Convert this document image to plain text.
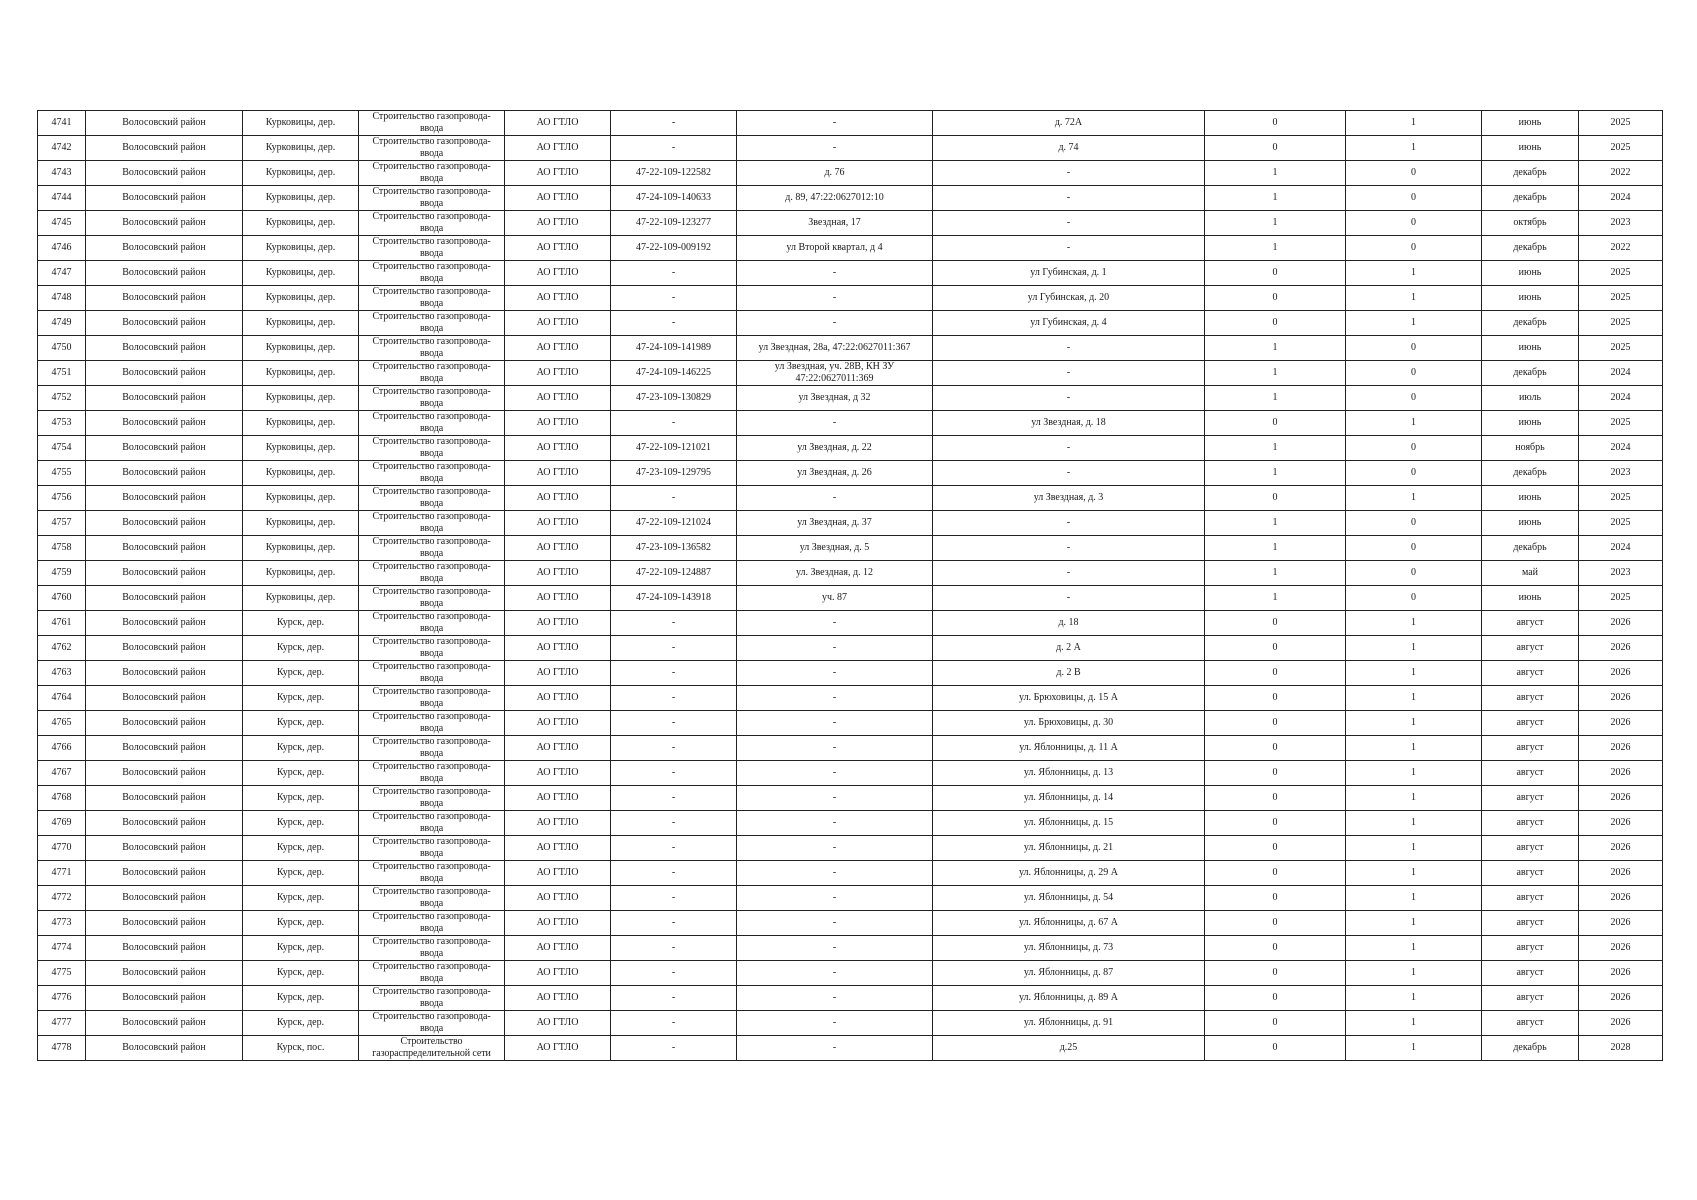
4741	Волосовский район	Курковицы, дер.	Строительство газопровода-ввода	АО ГТЛО	-	-	д. 72А	0	1	июнь	2025
4742	Волосовский район	Курковицы, дер.	Строительство газопровода-ввода	АО ГТЛО	-	-	д. 74	0	1	июнь	2025
4743	Волосовский район	Курковицы, дер.	Строительство газопровода-ввода	АО ГТЛО	47-22-109-122582	д. 76	-	1	0	декабрь	2022
4744	Волосовский район	Курковицы, дер.	Строительство газопровода-ввода	АО ГТЛО	47-24-109-140633	д. 89, 47:22:0627012:10	-	1	0	декабрь	2024
4745	Волосовский район	Курковицы, дер.	Строительство газопровода-ввода	АО ГТЛО	47-22-109-123277	Звездная, 17	-	1	0	октябрь	2023
4746	Волосовский район	Курковицы, дер.	Строительство газопровода-ввода	АО ГТЛО	47-22-109-009192	ул Второй квартал, д 4	-	1	0	декабрь	2022
4747	Волосовский район	Курковицы, дер.	Строительство газопровода-ввода	АО ГТЛО	-	-	ул Губинская, д. 1	0	1	июнь	2025
4748	Волосовский район	Курковицы, дер.	Строительство газопровода-ввода	АО ГТЛО	-	-	ул Губинская, д. 20	0	1	июнь	2025
4749	Волосовский район	Курковицы, дер.	Строительство газопровода-ввода	АО ГТЛО	-	-	ул Губинская, д. 4	0	1	декабрь	2025
4750	Волосовский район	Курковицы, дер.	Строительство газопровода-ввода	АО ГТЛО	47-24-109-141989	ул Звездная, 28а, 47:22:0627011:367	-	1	0	июнь	2025
4751	Волосовский район	Курковицы, дер.	Строительство газопровода-ввода	АО ГТЛО	47-24-109-146225	ул Звездная, уч. 28В, КН ЗУ 47:22:0627011:369	-	1	0	декабрь	2024
4752	Волосовский район	Курковицы, дер.	Строительство газопровода-ввода	АО ГТЛО	47-23-109-130829	ул Звездная, д 32	-	1	0	июль	2024
4753	Волосовский район	Курковицы, дер.	Строительство газопровода-ввода	АО ГТЛО	-	-	ул Звездная, д. 18	0	1	июнь	2025
4754	Волосовский район	Курковицы, дер.	Строительство газопровода-ввода	АО ГТЛО	47-22-109-121021	ул Звездная, д. 22	-	1	0	ноябрь	2024
4755	Волосовский район	Курковицы, дер.	Строительство газопровода-ввода	АО ГТЛО	47-23-109-129795	ул Звездная, д. 26	-	1	0	декабрь	2023
4756	Волосовский район	Курковицы, дер.	Строительство газопровода-ввода	АО ГТЛО	-	-	ул Звездная, д. 3	0	1	июнь	2025
4757	Волосовский район	Курковицы, дер.	Строительство газопровода-ввода	АО ГТЛО	47-22-109-121024	ул Звездная, д. 37	-	1	0	июнь	2025
4758	Волосовский район	Курковицы, дер.	Строительство газопровода-ввода	АО ГТЛО	47-23-109-136582	ул Звездная, д. 5	-	1	0	декабрь	2024
4759	Волосовский район	Курковицы, дер.	Строительство газопровода-ввода	АО ГТЛО	47-22-109-124887	ул. Звездная, д. 12	-	1	0	май	2023
4760	Волосовский район	Курковицы, дер.	Строительство газопровода-ввода	АО ГТЛО	47-24-109-143918	уч. 87	-	1	0	июнь	2025
4761	Волосовский район	Курск, дер.	Строительство газопровода-ввода	АО ГТЛО	-	-	д. 18	0	1	август	2026
4762	Волосовский район	Курск, дер.	Строительство газопровода-ввода	АО ГТЛО	-	-	д. 2 А	0	1	август	2026
4763	Волосовский район	Курск, дер.	Строительство газопровода-ввода	АО ГТЛО	-	-	д. 2 В	0	1	август	2026
4764	Волосовский район	Курск, дер.	Строительство газопровода-ввода	АО ГТЛО	-	-	ул. Брюховицы, д. 15 А	0	1	август	2026
4765	Волосовский район	Курск, дер.	Строительство газопровода-ввода	АО ГТЛО	-	-	ул. Брюховицы, д. 30	0	1	август	2026
4766	Волосовский район	Курск, дер.	Строительство газопровода-ввода	АО ГТЛО	-	-	ул. Яблонницы, д. 11 А	0	1	август	2026
4767	Волосовский район	Курск, дер.	Строительство газопровода-ввода	АО ГТЛО	-	-	ул. Яблонницы, д. 13	0	1	август	2026
4768	Волосовский район	Курск, дер.	Строительство газопровода-ввода	АО ГТЛО	-	-	ул. Яблонницы, д. 14	0	1	август	2026
4769	Волосовский район	Курск, дер.	Строительство газопровода-ввода	АО ГТЛО	-	-	ул. Яблонницы, д. 15	0	1	август	2026
4770	Волосовский район	Курск, дер.	Строительство газопровода-ввода	АО ГТЛО	-	-	ул. Яблонницы, д. 21	0	1	август	2026
4771	Волосовский район	Курск, дер.	Строительство газопровода-ввода	АО ГТЛО	-	-	ул. Яблонницы, д. 29 А	0	1	август	2026
4772	Волосовский район	Курск, дер.	Строительство газопровода-ввода	АО ГТЛО	-	-	ул. Яблонницы, д. 54	0	1	август	2026
4773	Волосовский район	Курск, дер.	Строительство газопровода-ввода	АО ГТЛО	-	-	ул. Яблонницы, д. 67 А	0	1	август	2026
4774	Волосовский район	Курск, дер.	Строительство газопровода-ввода	АО ГТЛО	-	-	ул. Яблонницы, д. 73	0	1	август	2026
4775	Волосовский район	Курск, дер.	Строительство газопровода-ввода	АО ГТЛО	-	-	ул. Яблонницы, д. 87	0	1	август	2026
4776	Волосовский район	Курск, дер.	Строительство газопровода-ввода	АО ГТЛО	-	-	ул. Яблонницы, д. 89 А	0	1	август	2026
4777	Волосовский район	Курск, дер.	Строительство газопровода-ввода	АО ГТЛО	-	-	ул. Яблонницы, д. 91	0	1	август	2026
4778	Волосовский район	Курск, пос.	Строительство газораспределительной сети	АО ГТЛО	-	-	д.25	0	1	декабрь	2028
